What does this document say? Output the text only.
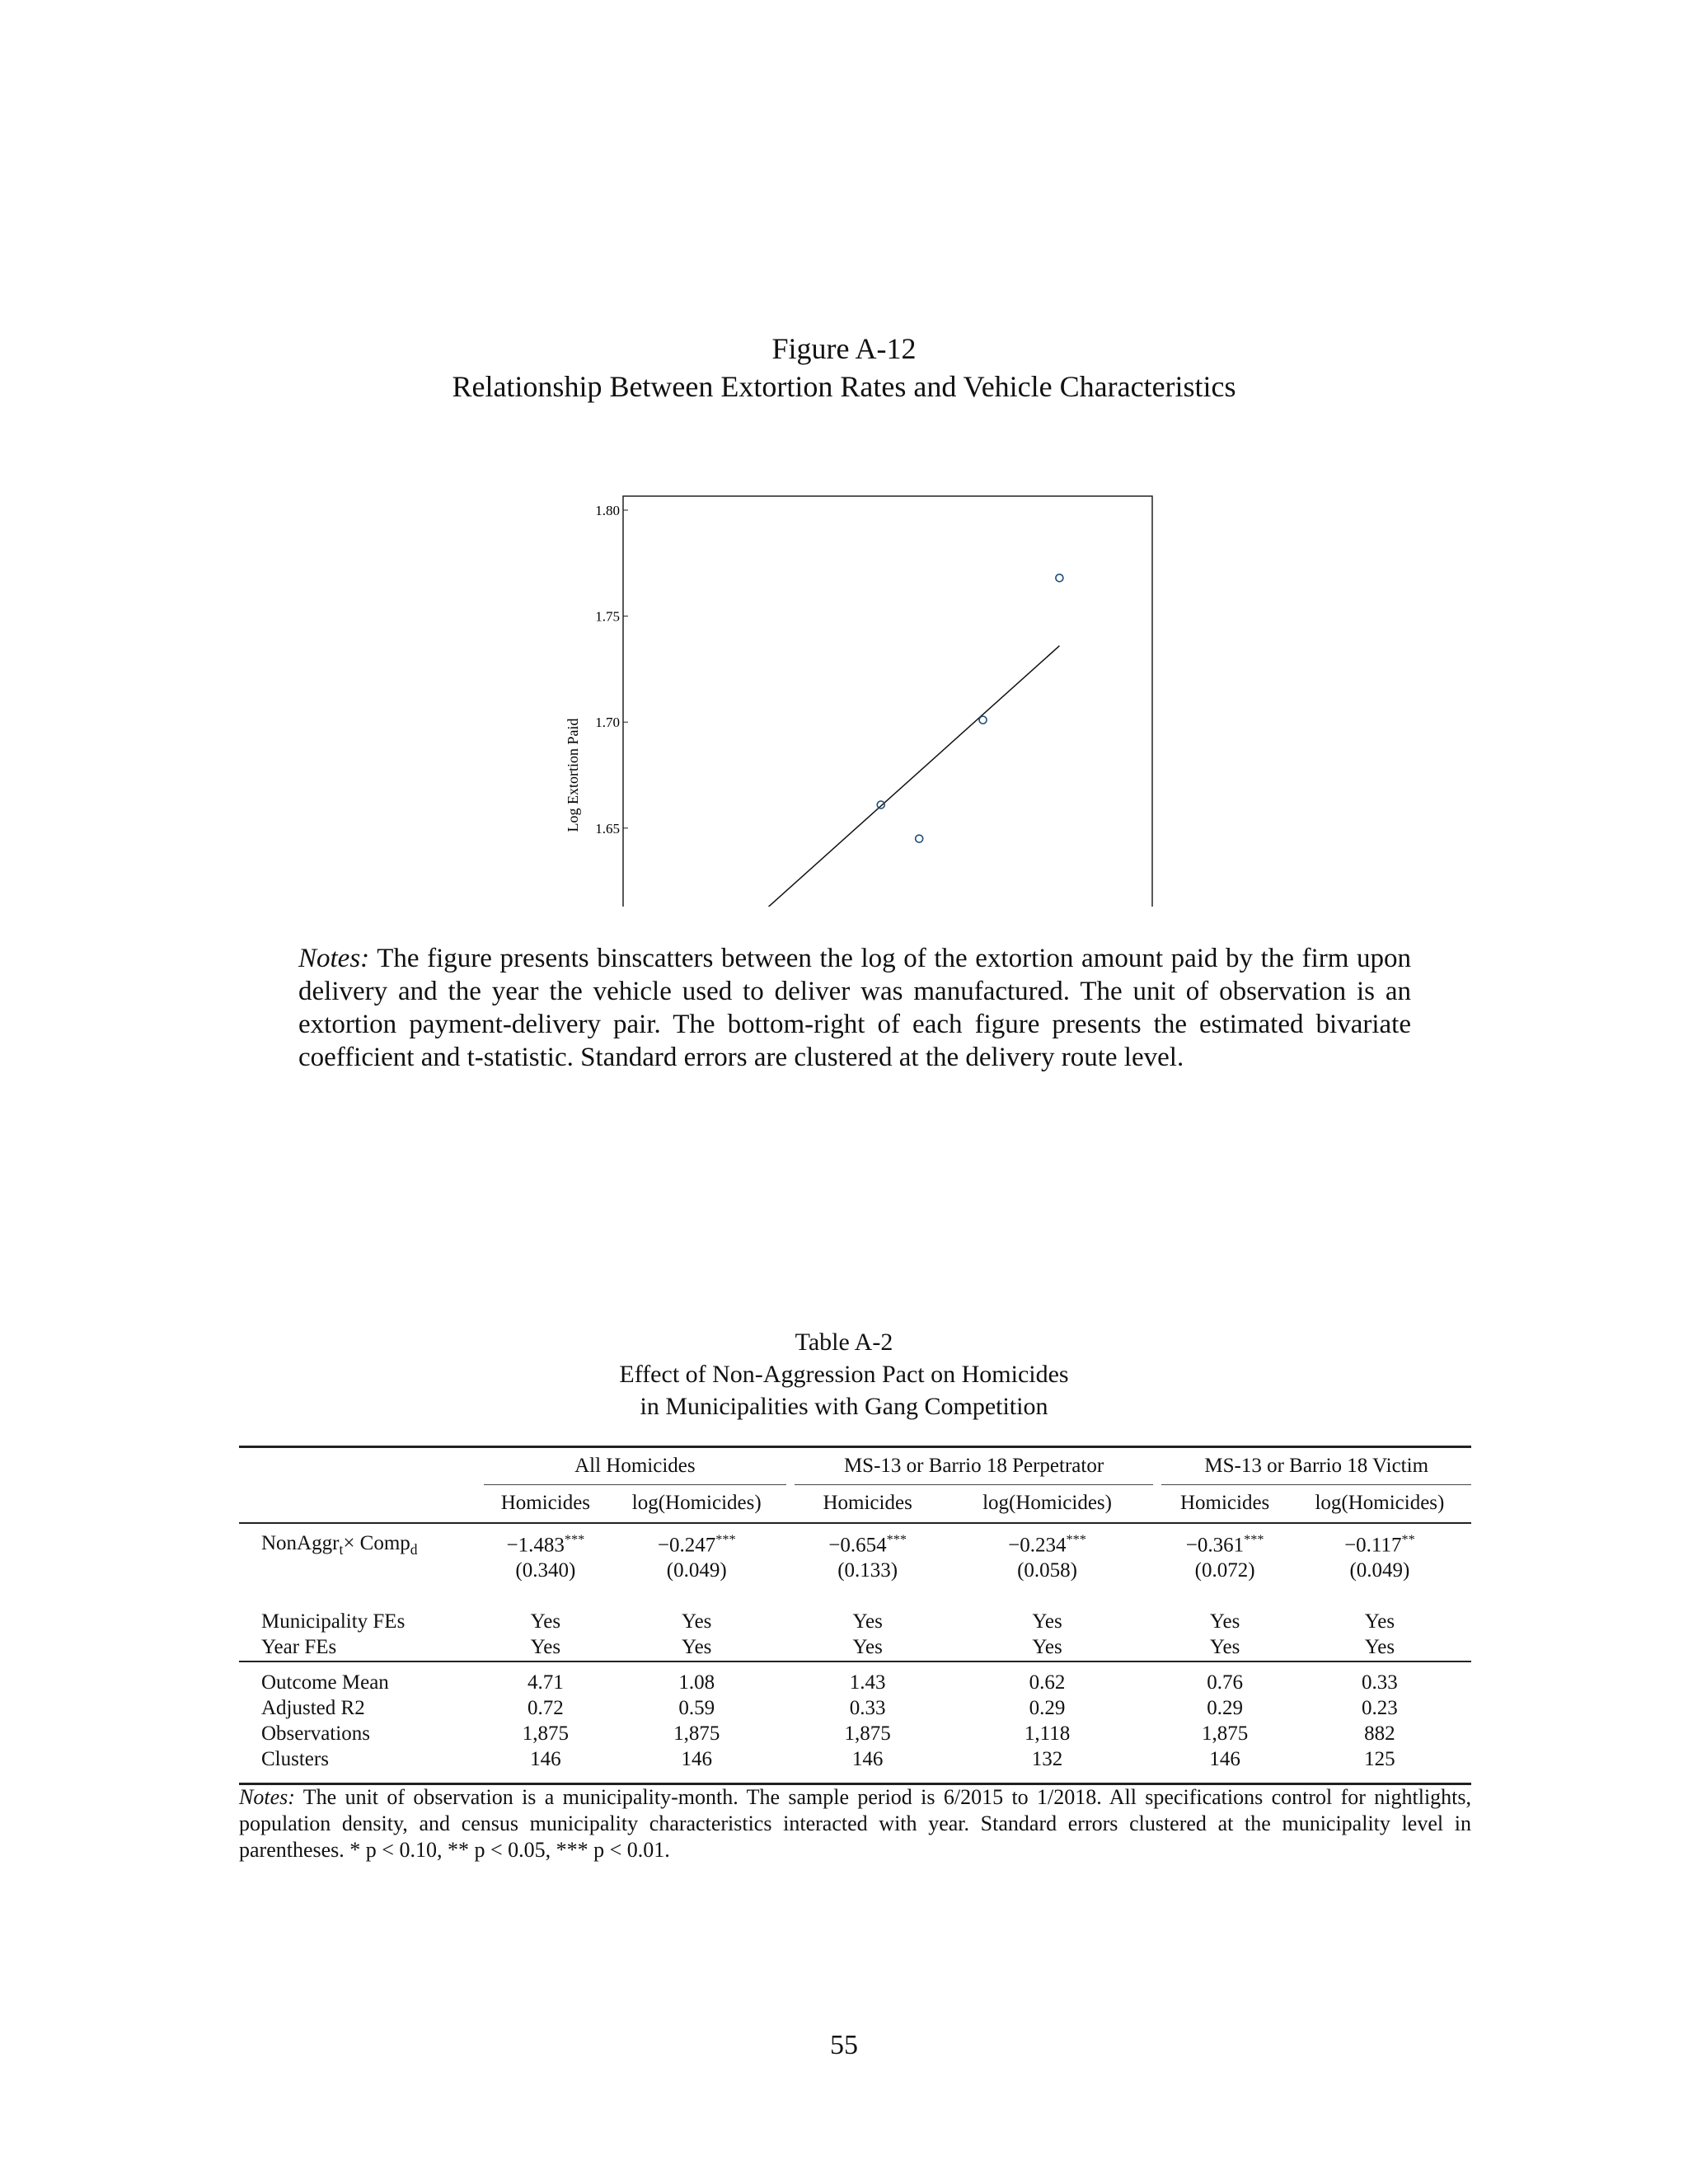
Figure A-12
Relationship Between Extortion Rates and Vehicle Characteristics
1.65
1.70
1.75
1.80
Log Extortion Paid
Notes: The figure presents binscatters between the log of the extortion amount paid by the firm upon delivery and the year the vehicle used to deliver was manufactured. The unit of observation is an extortion payment-delivery pair. The bottom-right of each figure presents the estimated bivariate coefficient and t-statistic. Standard errors are clustered at the delivery route level.
Table A-2
Effect of Non-Aggression Pact on Homicides
in Municipalities with Gang Competition
	All Homicides			MS-13 or Barrio 18 Perpetrator			MS-13 or Barrio 18 Victim	
	Homicides	log(Homicides)		Homicides	log(Homicides)		Homicides	log(Homicides)
NonAggr$_t$× Comp$_d$	−1.483***	−0.247***		−0.654***	−0.234***		−0.361***	−0.117**
	(0.340)	(0.049)		(0.133)	(0.058)		(0.072)	(0.049)

Municipality FEs	Yes	Yes		Yes	Yes		Yes	Yes
Year FEs	Yes	Yes		Yes	Yes		Yes	Yes
Outcome Mean	4.71	1.08		1.43	0.62		0.76	0.33
Adjusted R2	0.72	0.59		0.33	0.29		0.29	0.23
Observations	1,875	1,875		1,875	1,118		1,875	882
Clusters	146	146		146	132		146	125

Notes: The unit of observation is a municipality-month. The sample period is 6/2015 to 1/2018. All specifications control for nightlights, population density, and census municipality characteristics interacted with year. Standard errors clustered at the municipality level in parentheses. * p < 0.10, ** p < 0.05, *** p < 0.01.
55
